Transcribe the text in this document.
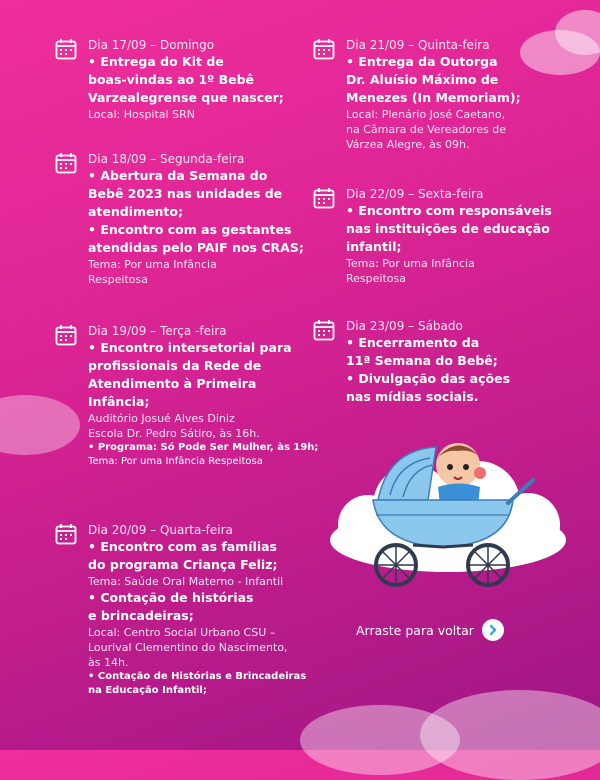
Dia 17/09 – Domingo
• Entrega do Kit de
boas-vindas ao 1º Bebê
Varzealegrense que nascer;
Local: Hospital SRN
Dia 18/09 – Segunda-feira
• Abertura da Semana do
Bebê 2023 nas unidades de
atendimento;
• Encontro com as gestantes
atendidas pelo PAIF nos CRAS;
Tema: Por uma Infância
Respeitosa
Dia 19/09 – Terça -feira
• Encontro intersetorial para
profissionais da Rede de
Atendimento à Primeira
Infância;
Auditório Josué Alves Diniz
Escola Dr. Pedro Sátiro, às 16h.
• Programa: Só Pode Ser Mulher, às 19h;
Tema: Por uma Infância Respeitosa
Dia 20/09 – Quarta-feira
• Encontro com as famílias
do programa Criança Feliz;
Tema: Saúde Oral Materno - Infantil
• Contação de histórias
e brincadeiras;
Local: Centro Social Urbano CSU –
Lourival Clementino do Nascimento,
às 14h.
• Contação de Histórias e Brincadeiras
na Educação Infantil;
Dia 21/09 – Quinta-feira
• Entrega da Outorga
Dr. Aluísio Máximo de
Menezes (In Memoriam);
Local: Plenário José Caetano,
na Câmara de Vereadores de
Várzea Alegre, às 09h.
Dia 22/09 – Sexta-feira
• Encontro com responsáveis
nas instituições de educação
infantil;
Tema: Por uma Infância
Respeitosa
Dia 23/09 – Sábado
• Encerramento da
11ª Semana do Bebê;
• Divulgação das ações
nas mídias sociais.
Arraste para voltar
